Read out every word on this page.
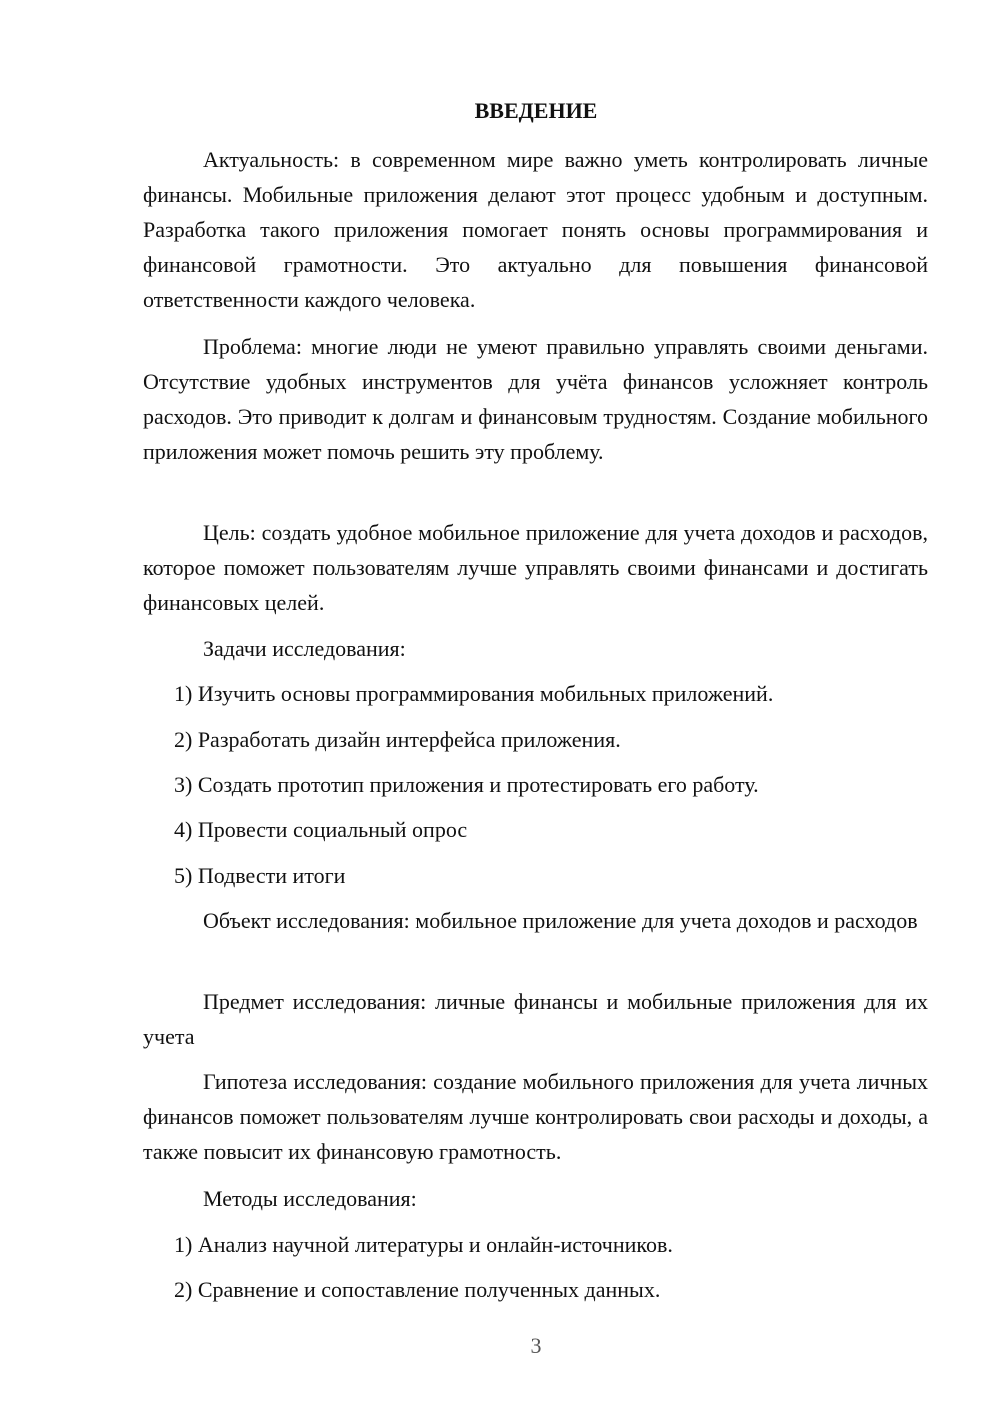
ВВЕДЕНИЕ

Актуальность: в современном мире важно уметь контролировать личные финансы. Мобильные приложения делают этот процесс удобным и доступным. Разработка такого приложения помогает понять основы программирования и финансовой грамотности. Это актуально для повышения финансовой ответственности каждого человека.

Проблема: многие люди не умеют правильно управлять своими деньгами. Отсутствие удобных инструментов для учёта финансов усложняет контроль расходов. Это приводит к долгам и финансовым трудностям. Создание мобильного приложения может помочь решить эту проблему.

Цель: создать удобное мобильное приложение для учета доходов и расходов, которое поможет пользователям лучше управлять своими финансами и достигать финансовых целей.

Задачи исследования:

1) Изучить основы программирования мобильных приложений.

2) Разработать дизайн интерфейса приложения.

3) Создать прототип приложения и протестировать его работу.

4) Провести социальный опрос

5) Подвести итоги

Объект исследования: мобильное приложение для учета доходов и расходов

Предмет исследования: личные финансы и мобильные приложения для их учета

Гипотеза исследования: создание мобильного приложения для учета личных финансов поможет пользователям лучше контролировать свои расходы и доходы, а также повысит их финансовую грамотность.

Методы исследования:

1) Анализ научной литературы и онлайн-источников.

2) Сравнение и сопоставление полученных данных.

3
